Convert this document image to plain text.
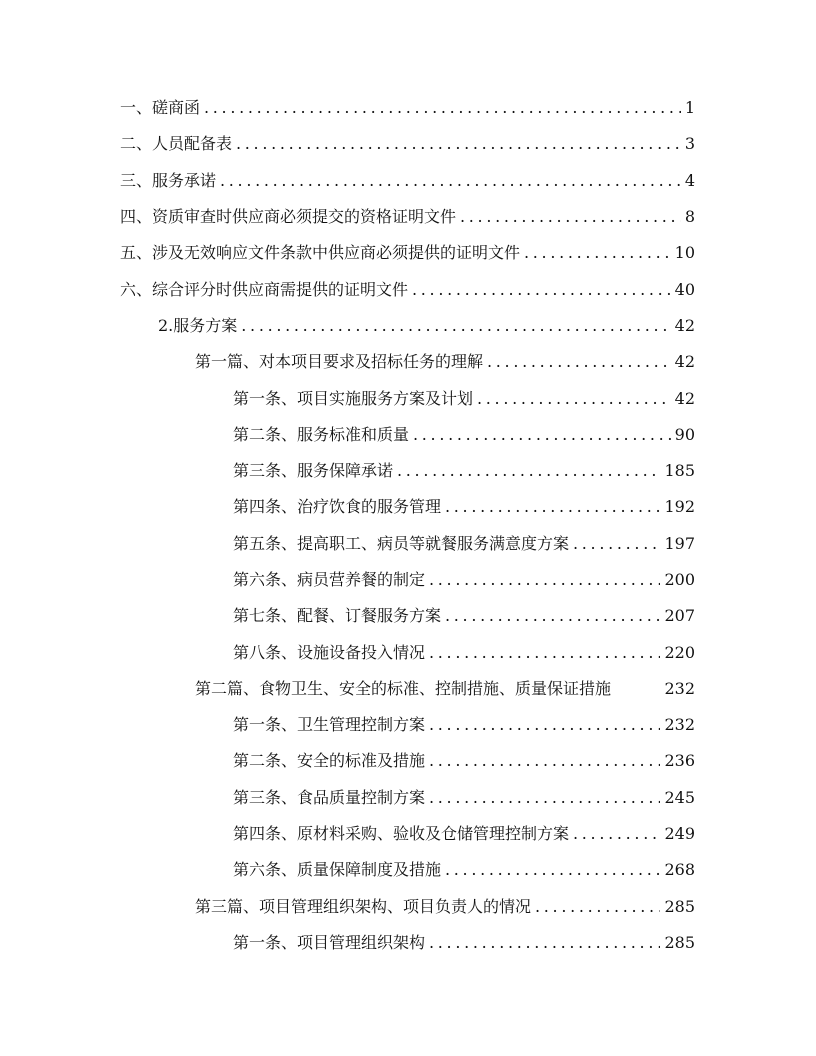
一、磋商函 . . .	1
二、人员配备表 . . .	3
三、服务承诺 . . .	4
四、资质审查时供应商必须提交的资格证明文件 . . .	8
五、涉及无效响应文件条款中供应商必须提供的证明文件 . . .	10
六、综合评分时供应商需提供的证明文件 . . .	40
2.服务方案 . . .	42
第一篇、对本项目要求及招标任务的理解 . . .	42
第一条、项目实施服务方案及计划 . . .	42
第二条、服务标准和质量 . . .	90
第三条、服务保障承诺 . . .	185
第四条、治疗饮食的服务管理 . . .	192
第五条、提高职工、病员等就餐服务满意度方案 . . .	197
第六条、病员营养餐的制定 . . .	200
第七条、配餐、订餐服务方案 . . .	207
第八条、设施设备投入情况 . . .	220
第二篇、食物卫生、安全的标准、控制措施、质量保证措施	232
第一条、卫生管理控制方案 . . .	232
第二条、安全的标准及措施 . . .	236
第三条、食品质量控制方案 . . .	245
第四条、原材料采购、验收及仓储管理控制方案 . . .	249
第六条、质量保障制度及措施 . . .	268
第三篇、项目管理组织架构、项目负责人的情况 . . .	285
第一条、项目管理组织架构 . . .	285
